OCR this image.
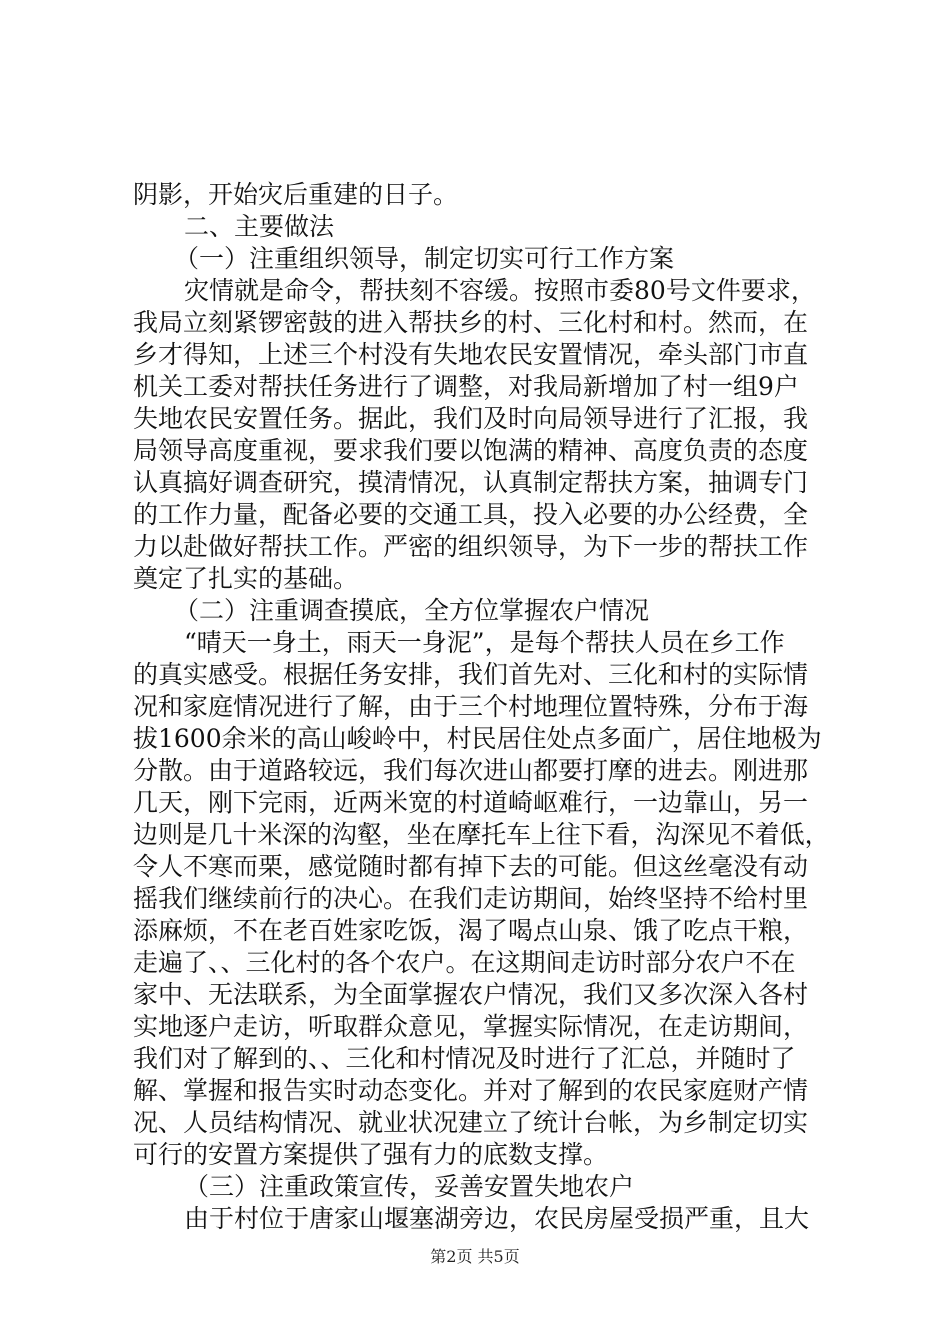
阴影，开始灾后重建的日子。
二、主要做法
（一）注重组织领导，制定切实可行工作方案
灾情就是命令，帮扶刻不容缓。按照市委80号文件要求，
我局立刻紧锣密鼓的进入帮扶乡的村、三化村和村。然而，在
乡才得知，上述三个村没有失地农民安置情况，牵头部门市直
机关工委对帮扶任务进行了调整，对我局新增加了村一组9户
失地农民安置任务。据此，我们及时向局领导进行了汇报，我
局领导高度重视，要求我们要以饱满的精神、高度负责的态度
认真搞好调查研究，摸清情况，认真制定帮扶方案，抽调专门
的工作力量，配备必要的交通工具，投入必要的办公经费，全
力以赴做好帮扶工作。严密的组织领导，为下一步的帮扶工作
奠定了扎实的基础。
（二）注重调查摸底，全方位掌握农户情况
“晴天一身土，雨天一身泥”，是每个帮扶人员在乡工作
的真实感受。根据任务安排，我们首先对、三化和村的实际情
况和家庭情况进行了解，由于三个村地理位置特殊，分布于海
拔1600余米的高山峻岭中，村民居住处点多面广，居住地极为
分散。由于道路较远，我们每次进山都要打摩的进去。刚进那
几天，刚下完雨，近两米宽的村道崎岖难行，一边靠山，另一
边则是几十米深的沟壑，坐在摩托车上往下看，沟深见不着低，
令人不寒而栗，感觉随时都有掉下去的可能。但这丝毫没有动
摇我们继续前行的决心。在我们走访期间，始终坚持不给村里
添麻烦，不在老百姓家吃饭，渴了喝点山泉、饿了吃点干粮，
走遍了、、三化村的各个农户。在这期间走访时部分农户不在
家中、无法联系，为全面掌握农户情况，我们又多次深入各村
实地逐户走访，听取群众意见，掌握实际情况，在走访期间，
我们对了解到的、、三化和村情况及时进行了汇总，并随时了
解、掌握和报告实时动态变化。并对了解到的农民家庭财产情
况、人员结构情况、就业状况建立了统计台帐，为乡制定切实
可行的安置方案提供了强有力的底数支撑。
（三）注重政策宣传，妥善安置失地农户
由于村位于唐家山堰塞湖旁边，农民房屋受损严重，且大
第2页 共5页
